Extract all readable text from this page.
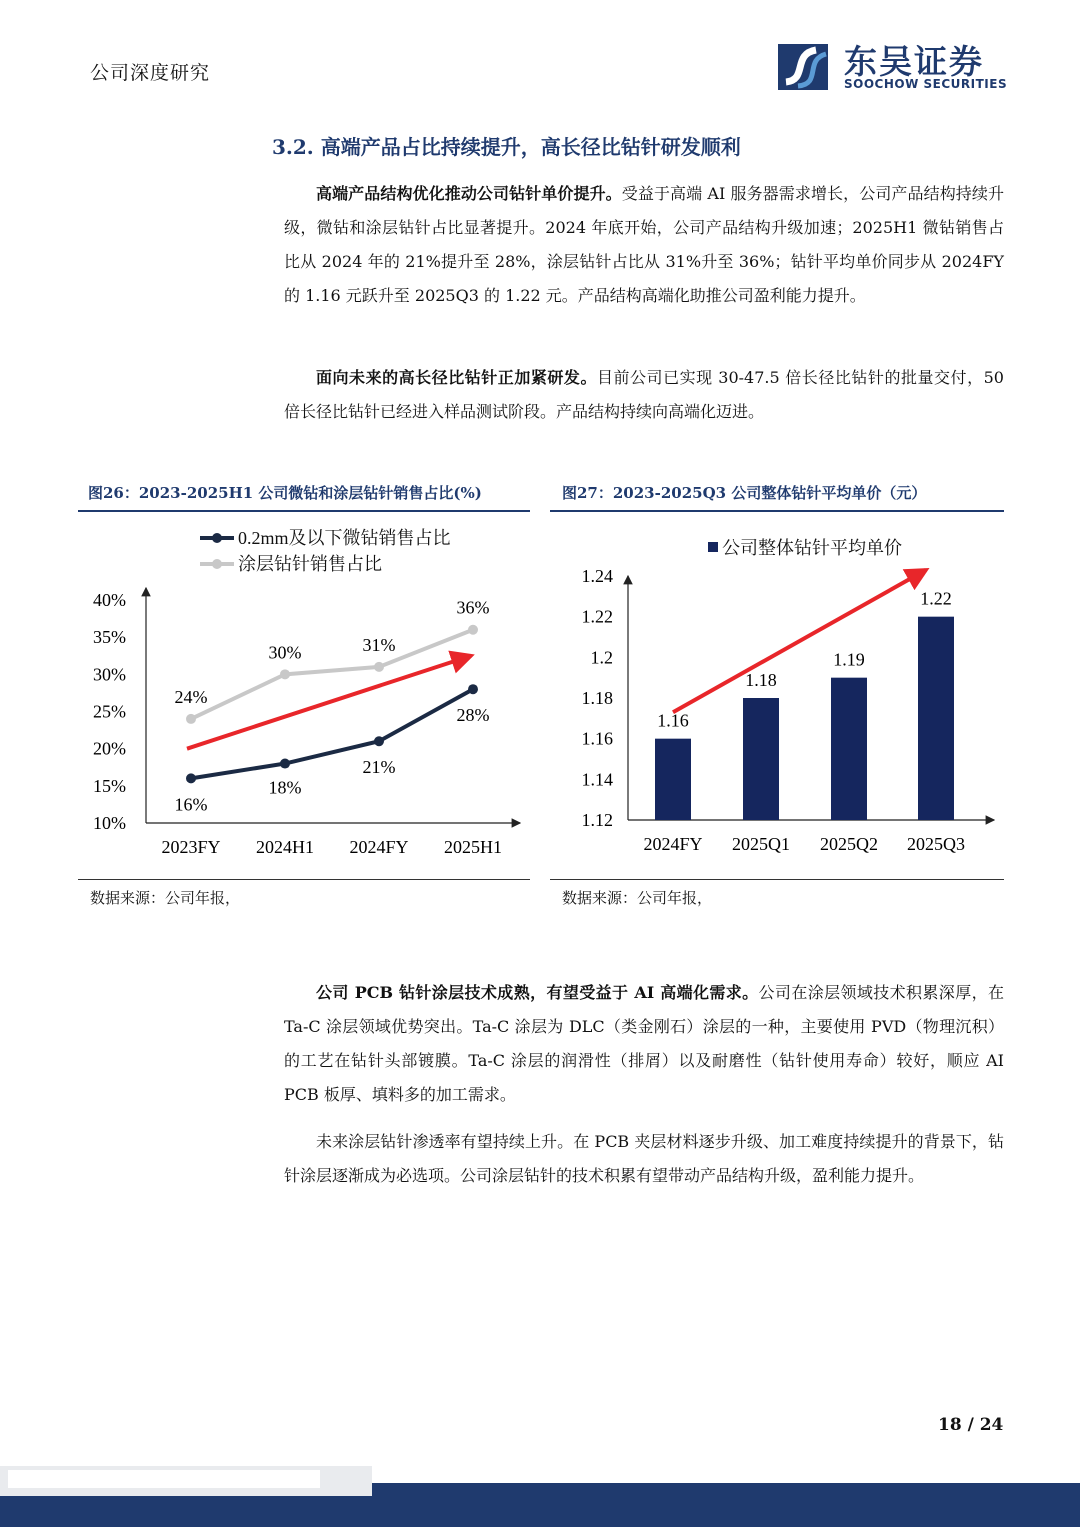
公司深度研究	东吴证券
SOOCHOW SECURITIES
3.2. 高端产品占比持续提升，高长径比钻针研发顺利
高端产品结构优化推动公司钻针单价提升。受益于高端 AI 服务器需求增长，公司产品结构持续升级，微钻和涂层钻针占比显著提升。2024 年底开始，公司产品结构升级加速；2025H1 微钻销售占比从 2024 年的 21%提升至 28%，涂层钻针占比从 31%升至 36%；钻针平均单价同步从 2024FY 的 1.16 元跃升至 2025Q3 的 1.22 元。产品结构高端化助推公司盈利能力提升。
面向未来的高长径比钻针正加紧研发。目前公司已实现 30-47.5 倍长径比钻针的批量交付，50 倍长径比钻针已经进入样品测试阶段。产品结构持续向高端化迈进。
图26：2023-2025H1 公司微钻和涂层钻针销售占比(%)
0.2mm及以下微钻销售占比
涂层钻针销售占比
10%
15%
20%
25%
30%
35%
40%
2023FY 2024H1 2024FY 2025H1
16%
18%
21%
28%
24%
30%	31%
36%
数据来源：公司年报，
图27：2023-2025Q3 公司整体钻针平均单价（元）
公司整体钻针平均单价
1.12
1.14
1.16
1.18
1.2
1.22
1.24
2024FY 2025Q1 2025Q2 2025Q3
1.16
1.18
1.19
1.22
数据来源：公司年报，
公司 PCB 钻针涂层技术成熟，有望受益于 AI 高端化需求。公司在涂层领域技术积累深厚，在 Ta-C 涂层领域优势突出。Ta-C 涂层为 DLC（类金刚石）涂层的一种，主要使用 PVD（物理沉积）的工艺在钻针头部镀膜。Ta-C 涂层的润滑性（排屑）以及耐磨性（钻针使用寿命）较好，顺应 AI PCB 板厚、填料多的加工需求。
未来涂层钻针渗透率有望持续上升。在 PCB 夹层材料逐步升级、加工难度持续提升的背景下，钻针涂层逐渐成为必选项。公司涂层钻针的技术积累有望带动产品结构升级，盈利能力提升。
18 / 24
